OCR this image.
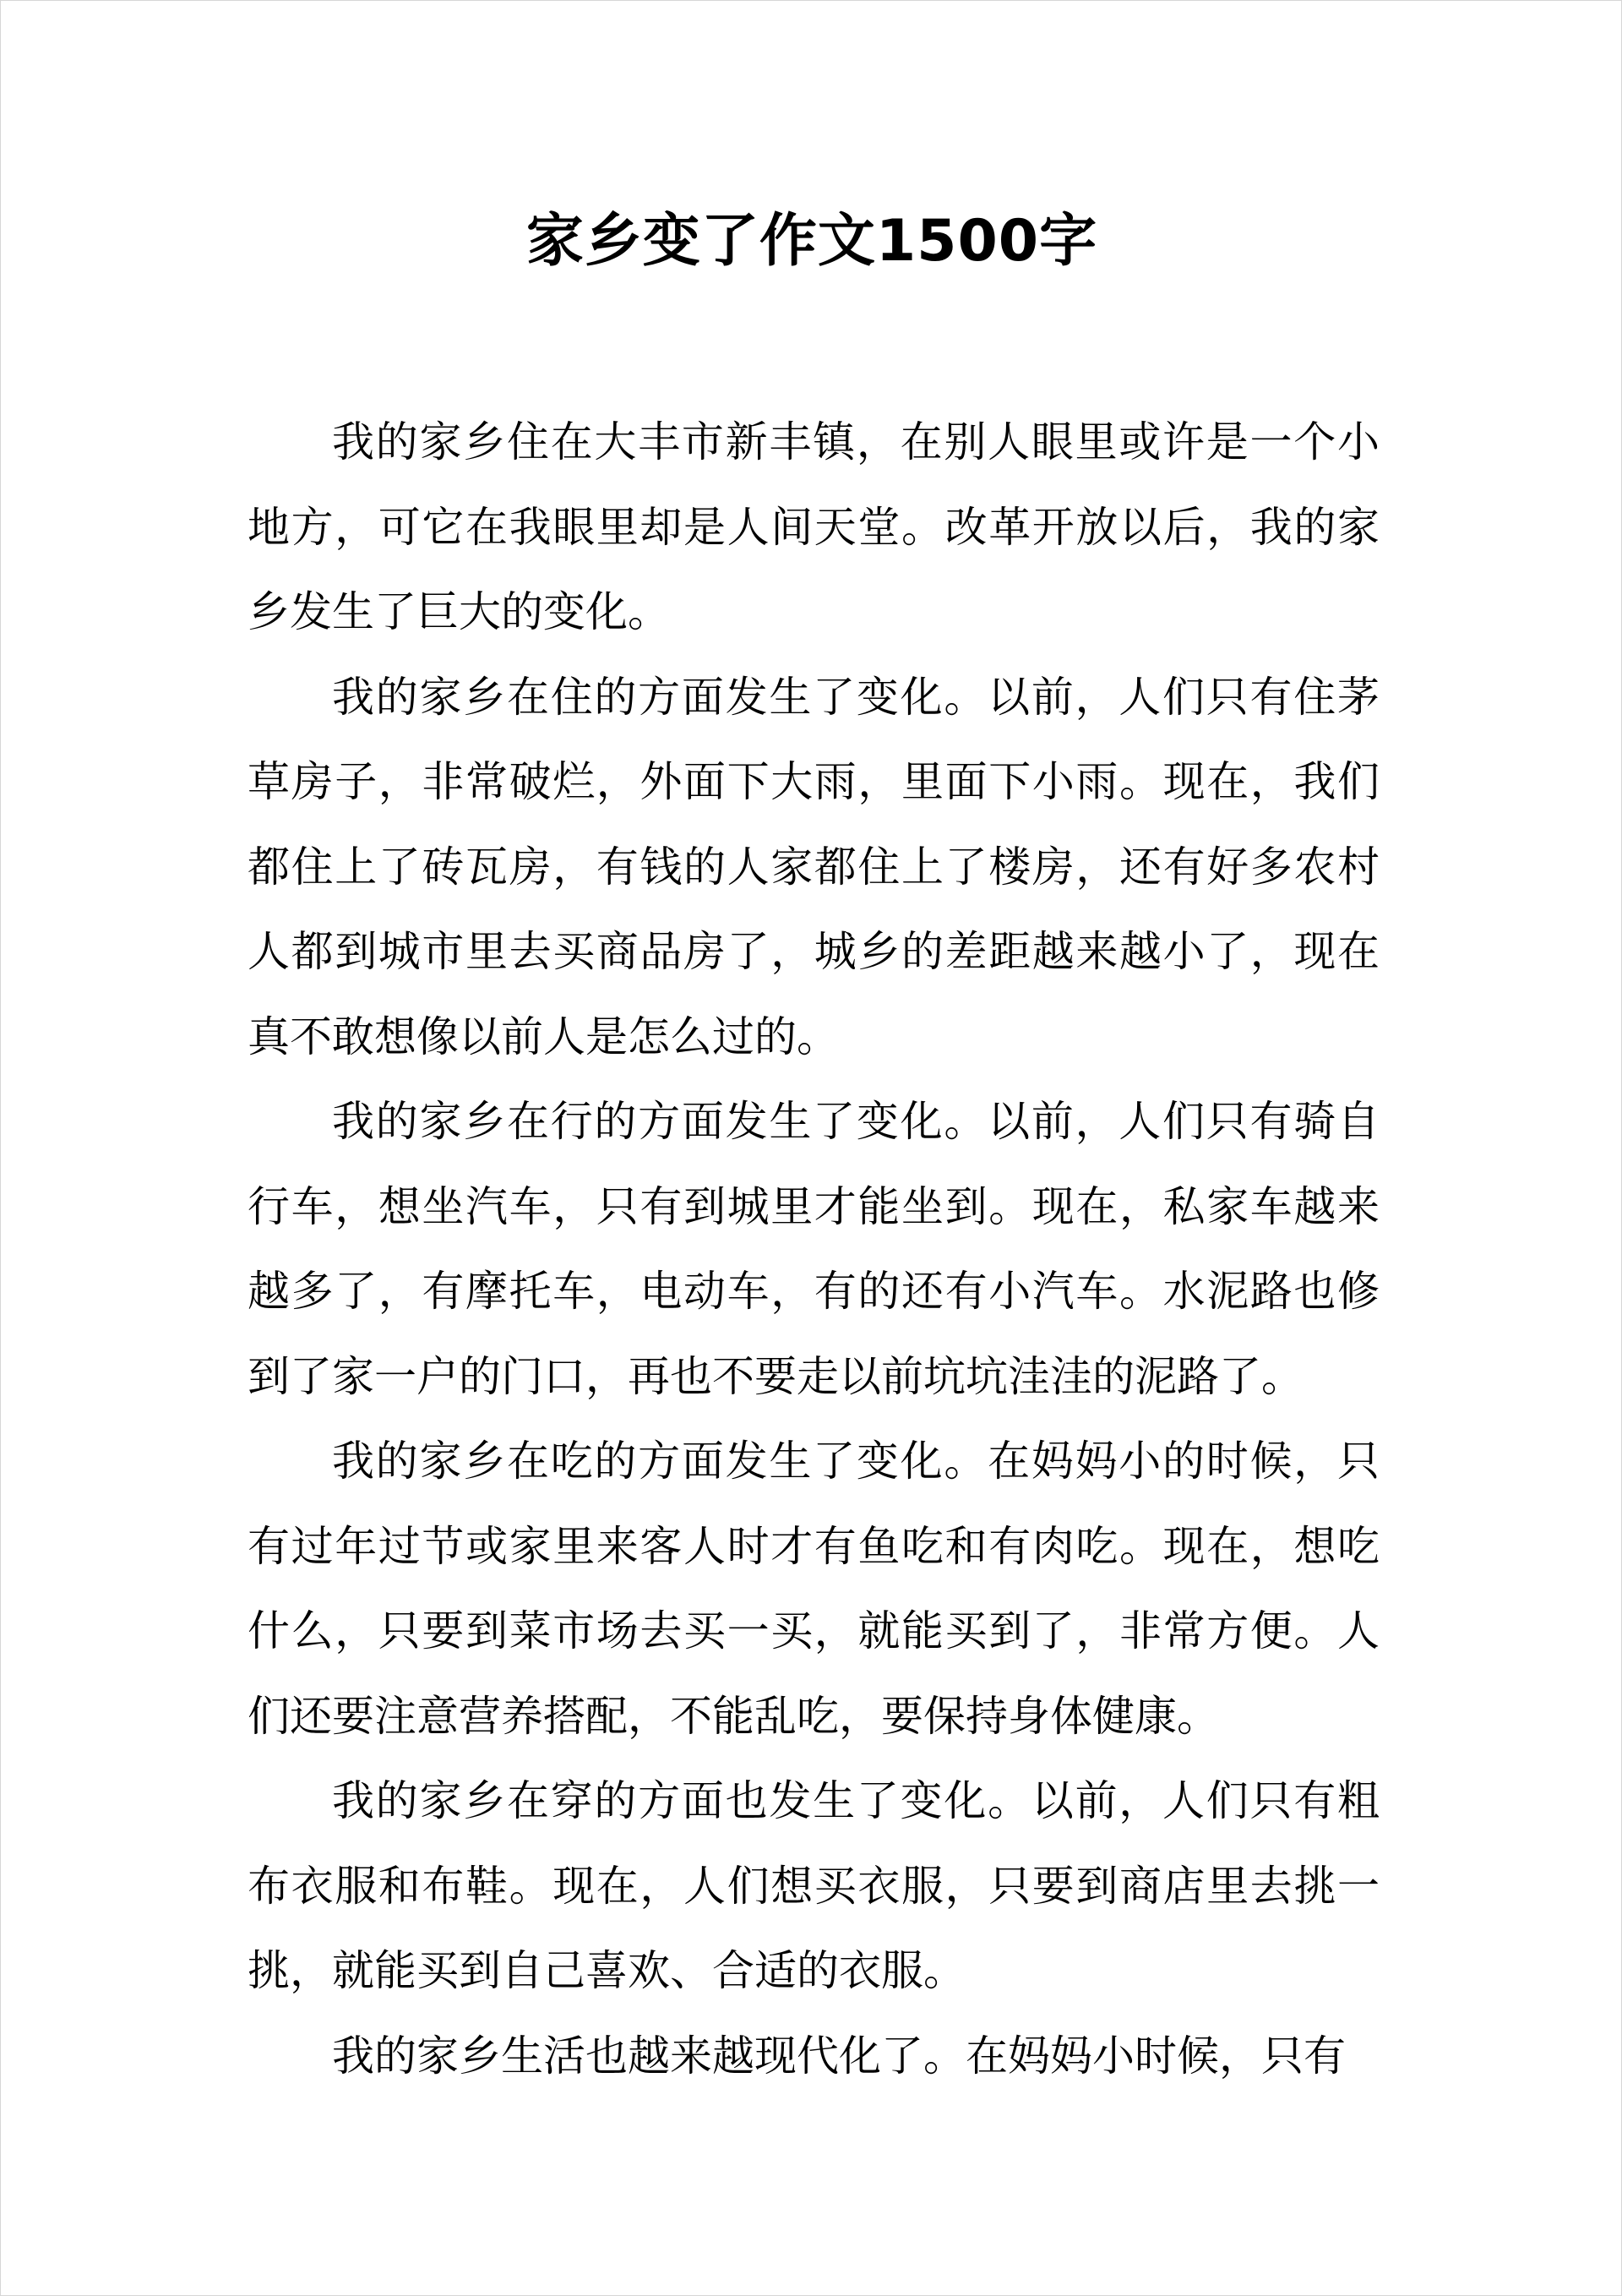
家乡变了作文1500字

我的家乡住在大丰市新丰镇，在别人眼里或许是一个小地方，可它在我眼里却是人间天堂。改革开放以后，我的家乡发生了巨大的变化。

我的家乡在住的方面发生了变化。以前，人们只有住茅草房子，非常破烂，外面下大雨，里面下小雨。现在，我们都住上了砖瓦房，有钱的人家都住上了楼房，还有好多农村人都到城市里去买商品房了，城乡的差距越来越小了，现在真不敢想像以前人是怎么过的。

我的家乡在行的方面发生了变化。以前，人们只有骑自行车，想坐汽车，只有到城里才能坐到。现在，私家车越来越多了，有摩托车，电动车，有的还有小汽车。水泥路也修到了家一户的门口，再也不要走以前坑坑洼洼的泥路了。

我的家乡在吃的方面发生了变化。在妈妈小的时候，只有过年过节或家里来客人时才有鱼吃和有肉吃。现在，想吃什么，只要到菜市场去买一买，就能买到了，非常方便。人们还要注意营养搭配，不能乱吃，要保持身体健康。

我的家乡在穿的方面也发生了变化。以前，人们只有粗布衣服和布鞋。现在，人们想买衣服，只要到商店里去挑一挑，就能买到自己喜欢、合适的衣服。

我的家乡生活也越来越现代化了。在妈妈小时候，只有
